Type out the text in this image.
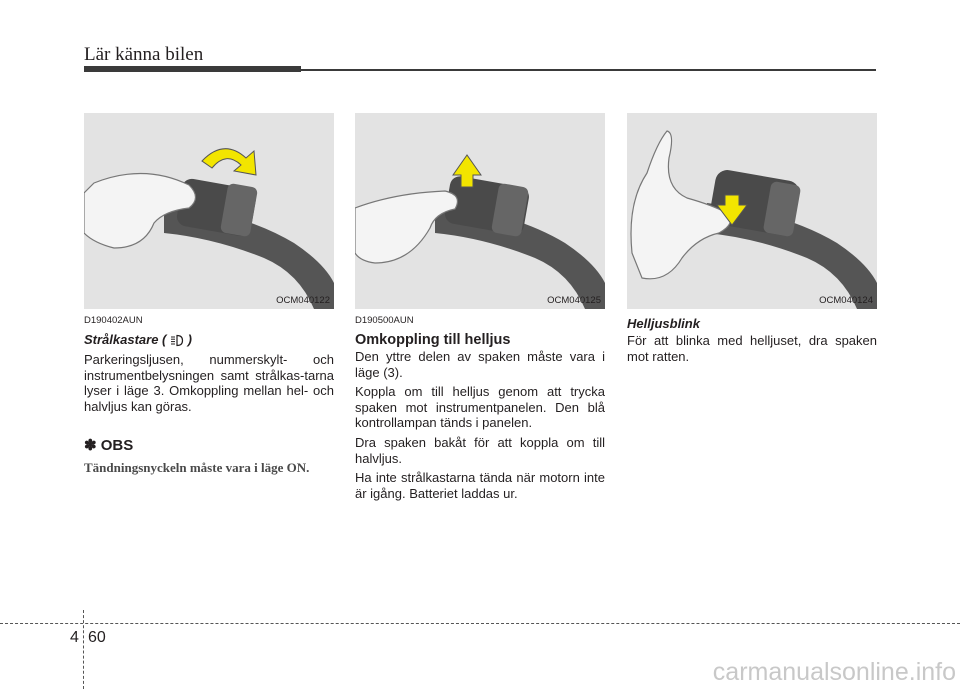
Lär känna bilen
OCM040122	OCM040125	OCM040124
D190402AUN
Strålkastare ( )

Parkeringsljusen, nummerskylt- och instrumentbelysningen samt strålkas-tarna lyser i läge 3. Omkoppling mellan hel- och halvljus kan göras.

✽ OBS

Tändningsnyckeln måste vara i läge ON.

D190500AUN
Omkoppling till helljus

Den yttre delen av spaken måste vara i läge (3).

Koppla om till helljus genom att trycka spaken mot instrumentpanelen. Den blå kontrollampan tänds i panelen.

Dra spaken bakåt för att koppla om till halvljus.

Ha inte strålkastarna tända när motorn inte är igång. Batteriet laddas ur.

Helljusblink

För att blinka med helljuset, dra spaken mot ratten.

4 60
carmanualsonline.info
